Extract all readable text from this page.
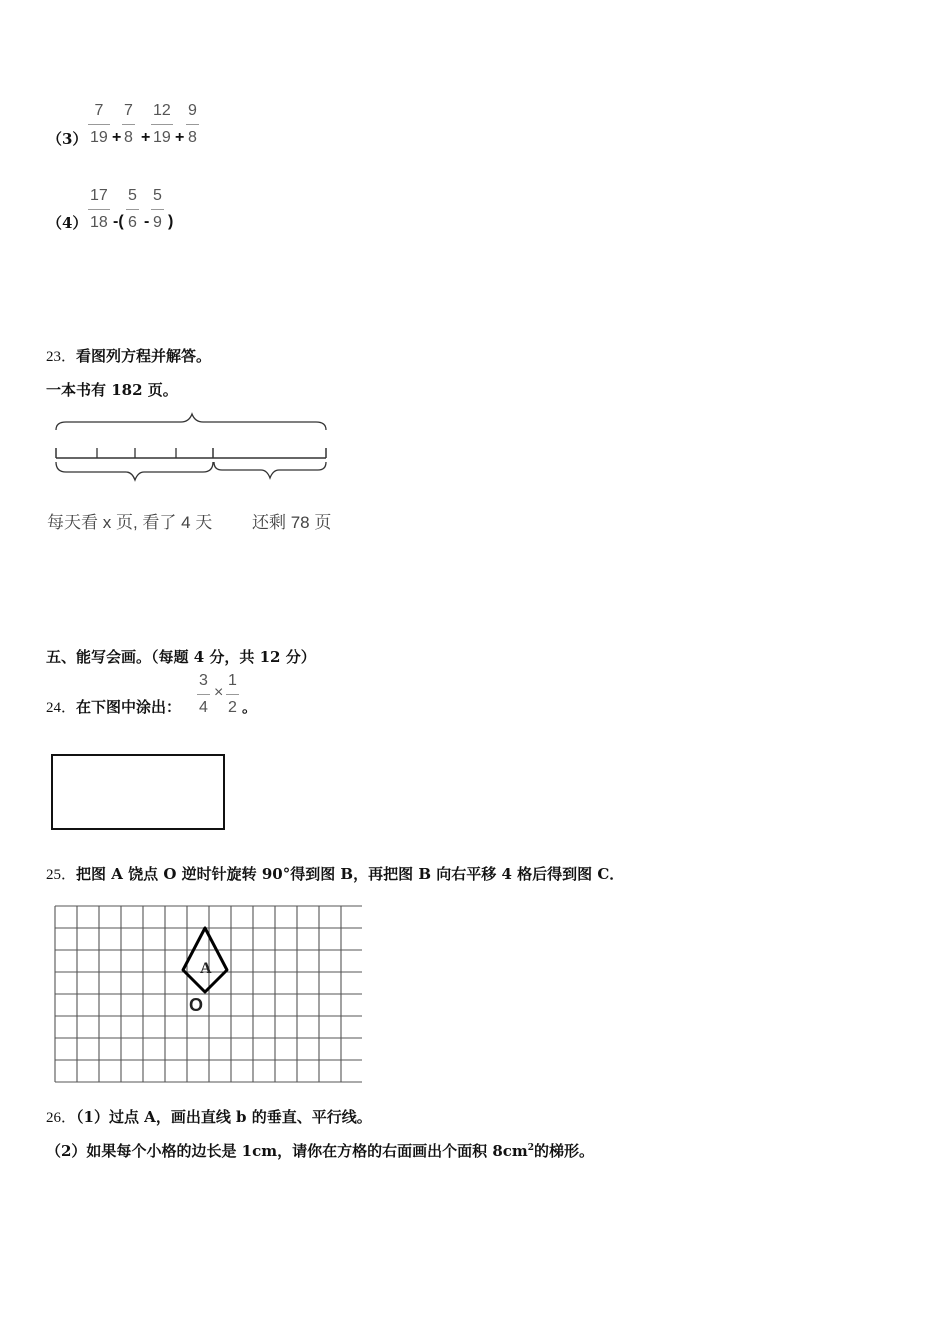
（3）
7
19 +
7
8 +
12
19 +
9
8
（4）
17
18 -(
5
6 -
5
9 )
23．看图列方程并解答。
一本书有 182 页。
每天看 x 页, 看了 4 天 还剩 78 页
五、能写会画。（每题 4 分，共 12 分）
24．在下图中涂出：
3
4
×
1
2 。
25．把图 A 饶点 O 逆时针旋转 90°得到图 B，再把图 B 向右平移 4 格后得到图 C．
A
O
26．（1）过点 A，画出直线 b 的垂直、平行线。
（2）如果每个小格的边长是 1cm，请你在方格的右面画出个面积 $8cm^2$的梯形。
